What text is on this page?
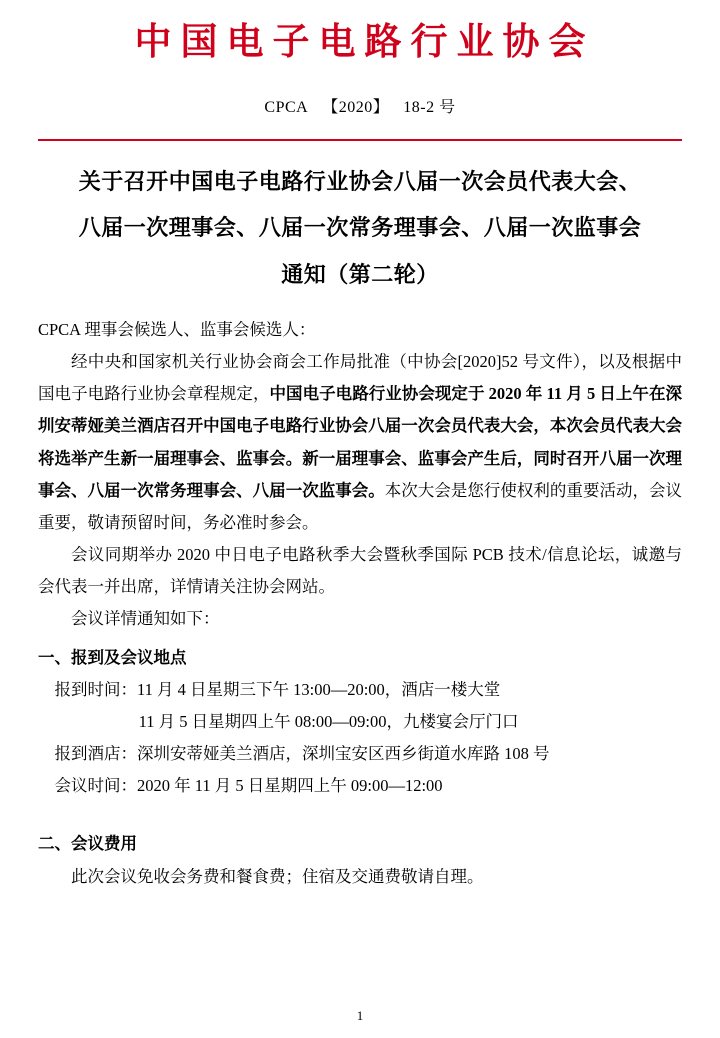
中国电子电路行业协会
CPCA 【2020】 18-2 号
关于召开中国电子电路行业协会八届一次会员代表大会、
八届一次理事会、八届一次常务理事会、八届一次监事会
通知（第二轮）

CPCA 理事会候选人、监事会候选人：

经中央和国家机关行业协会商会工作局批准（中协会[2020]52 号文件），以及根据中国电子电路行业协会章程规定，中国电子电路行业协会现定于 2020 年 11 月 5 日上午在深圳安蒂娅美兰酒店召开中国电子电路行业协会八届一次会员代表大会，本次会员代表大会将选举产生新一届理事会、监事会。新一届理事会、监事会产生后，同时召开八届一次理事会、八届一次常务理事会、八届一次监事会。本次大会是您行使权利的重要活动，会议重要，敬请预留时间，务必准时参会。

会议同期举办 2020 中日电子电路秋季大会暨秋季国际 PCB 技术/信息论坛，诚邀与会代表一并出席，详情请关注协会网站。

会议详情通知如下：

一、报到及会议地点

报到时间：11 月 4 日星期三下午 13:00—20:00，酒店一楼大堂

11 月 5 日星期四上午 08:00—09:00，九楼宴会厅门口

报到酒店：深圳安蒂娅美兰酒店，深圳宝安区西乡街道水库路 108 号

会议时间：2020 年 11 月 5 日星期四上午 09:00—12:00

二、会议费用

此次会议免收会务费和餐食费；住宿及交通费敬请自理。

1
